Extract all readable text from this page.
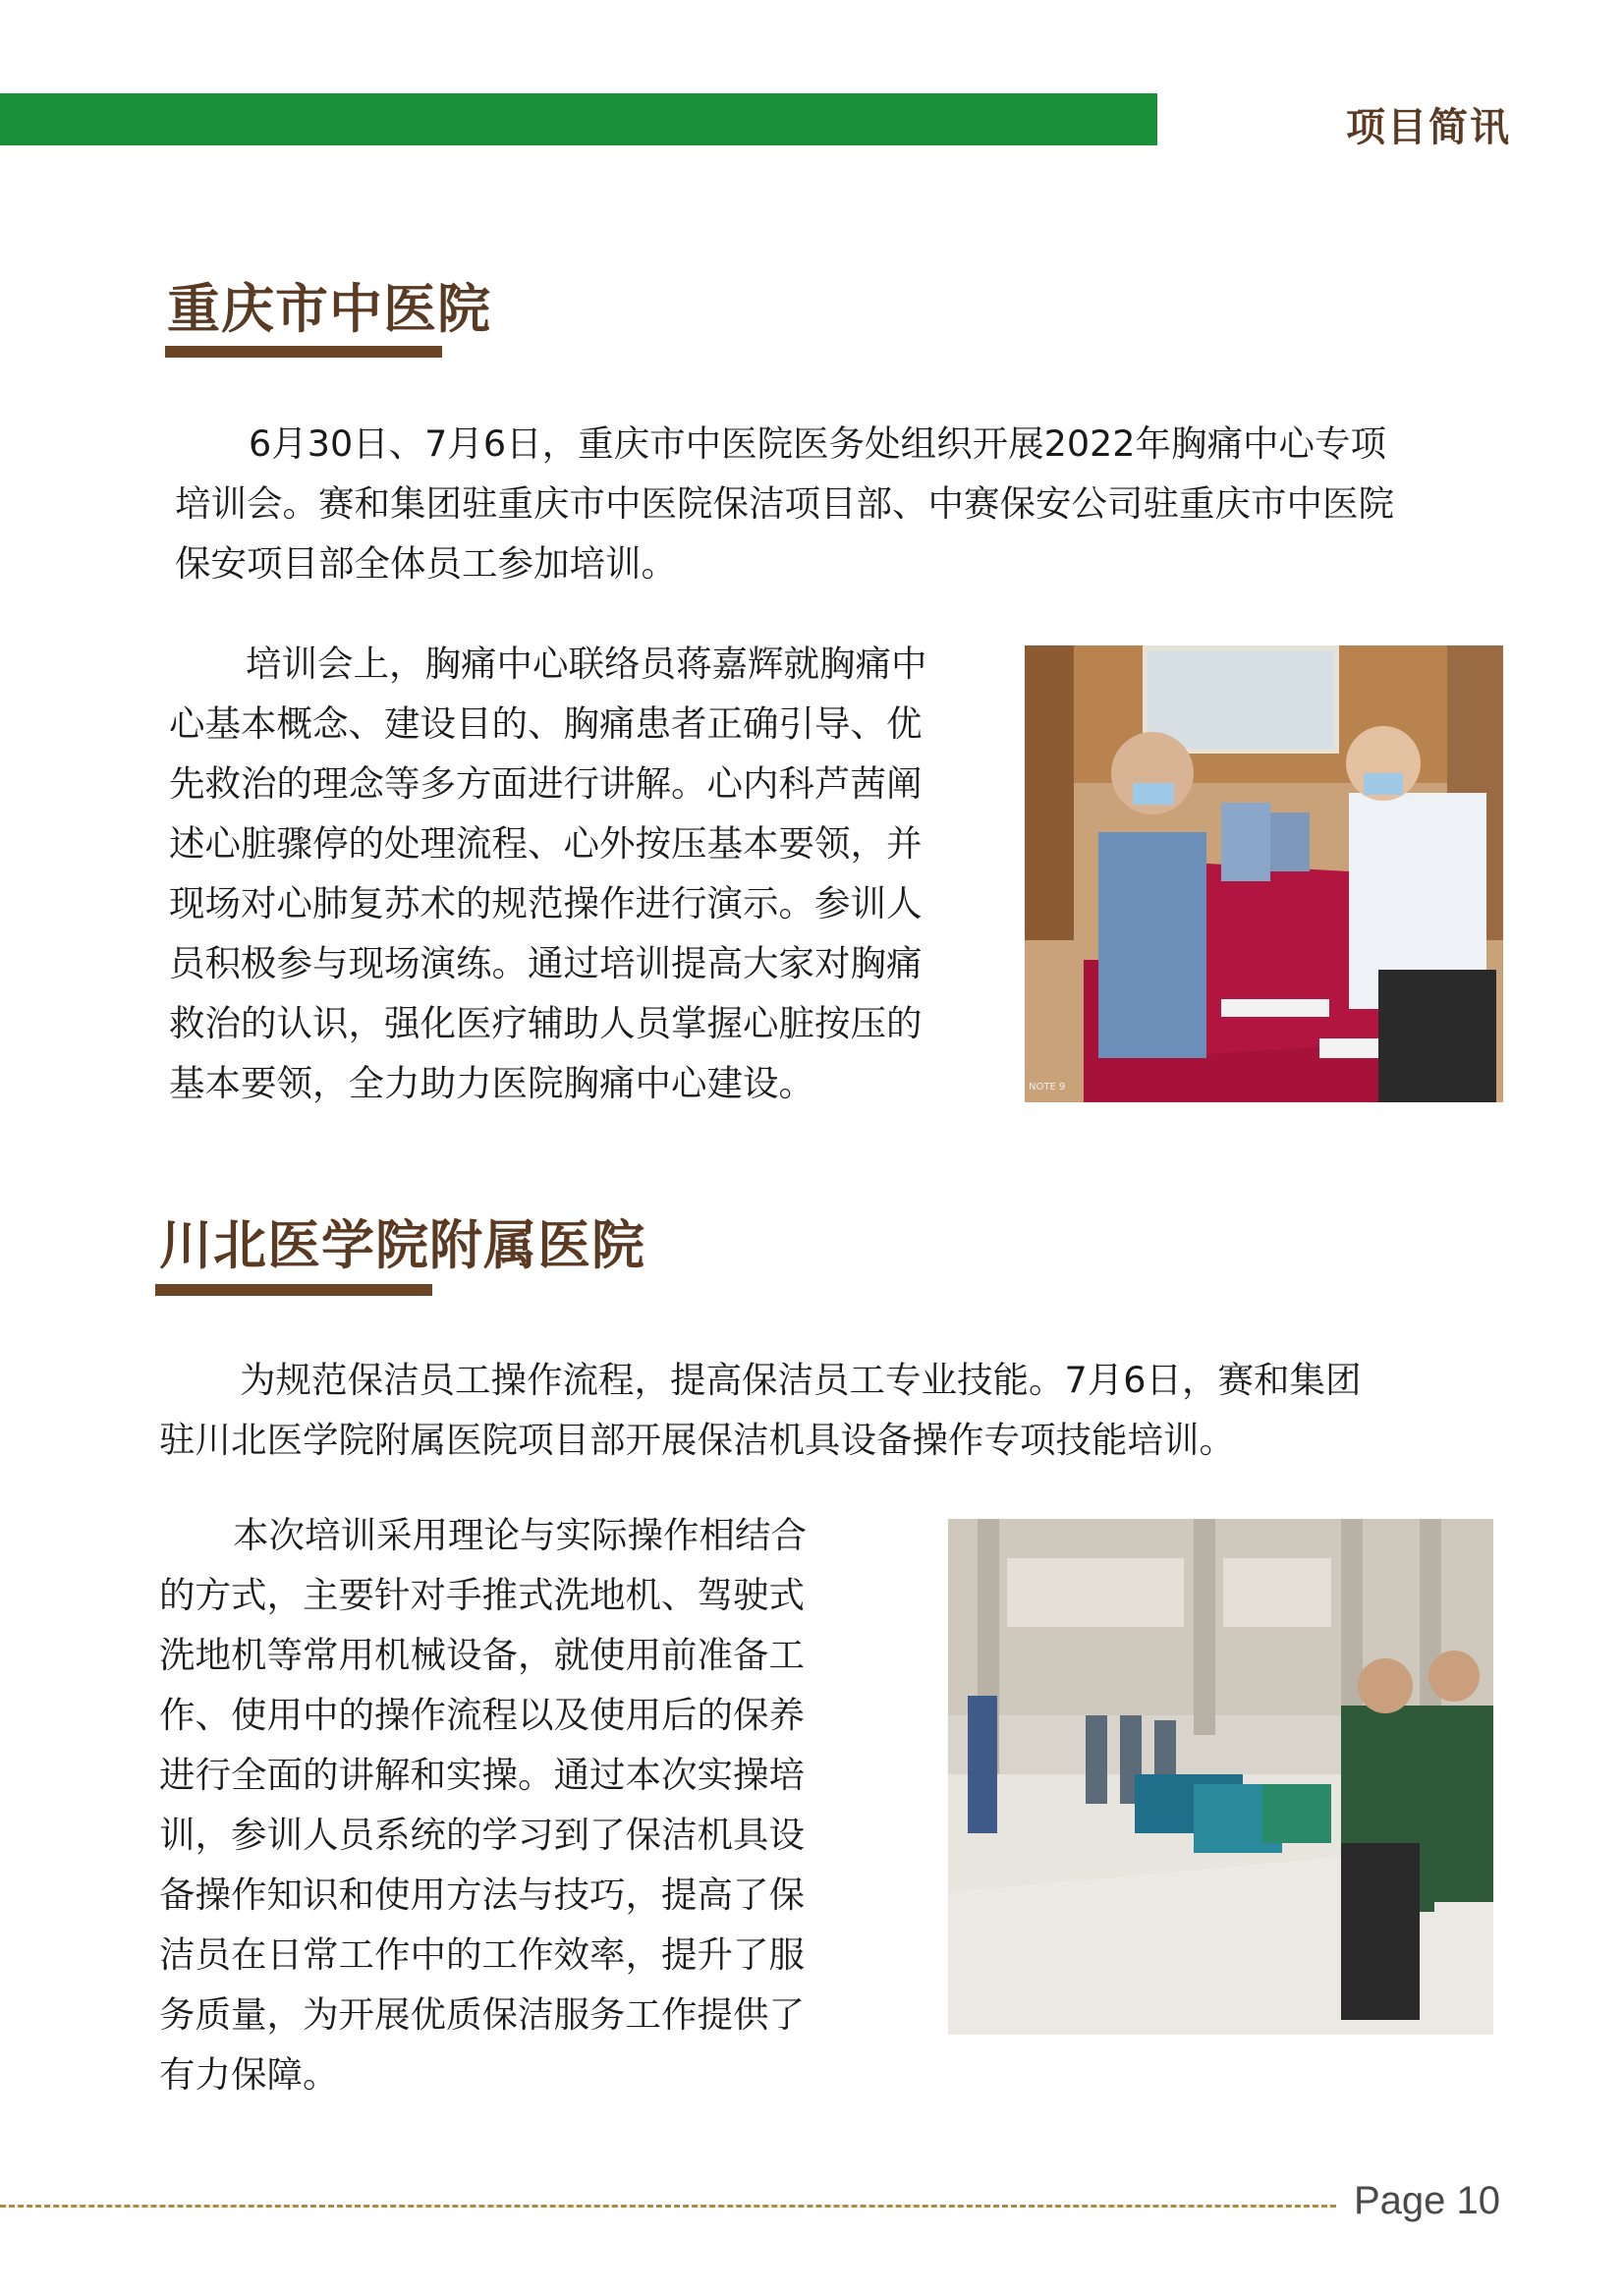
项目简讯
重庆市中医院
6月30日、7月6日，重庆市中医院医务处组织开展2022年胸痛中心专项
培训会。赛和集团驻重庆市中医院保洁项目部、中赛保安公司驻重庆市中医院
保安项目部全体员工参加培训。
培训会上，胸痛中心联络员蒋嘉辉就胸痛中
心基本概念、建设目的、胸痛患者正确引导、优
先救治的理念等多方面进行讲解。心内科芦茜阐
述心脏骤停的处理流程、心外按压基本要领，并
现场对心肺复苏术的规范操作进行演示。参训人
员积极参与现场演练。通过培训提高大家对胸痛
救治的认识，强化医疗辅助人员掌握心脏按压的
基本要领，全力助力医院胸痛中心建设。	NOTE 9
川北医学院附属医院
为规范保洁员工操作流程，提高保洁员工专业技能。7月6日，赛和集团
驻川北医学院附属医院项目部开展保洁机具设备操作专项技能培训。
本次培训采用理论与实际操作相结合
的方式，主要针对手推式洗地机、驾驶式
洗地机等常用机械设备，就使用前准备工
作、使用中的操作流程以及使用后的保养
进行全面的讲解和实操。通过本次实操培
训，参训人员系统的学习到了保洁机具设
备操作知识和使用方法与技巧，提高了保
洁员在日常工作中的工作效率，提升了服
务质量，为开展优质保洁服务工作提供了
有力保障。
Page 10
